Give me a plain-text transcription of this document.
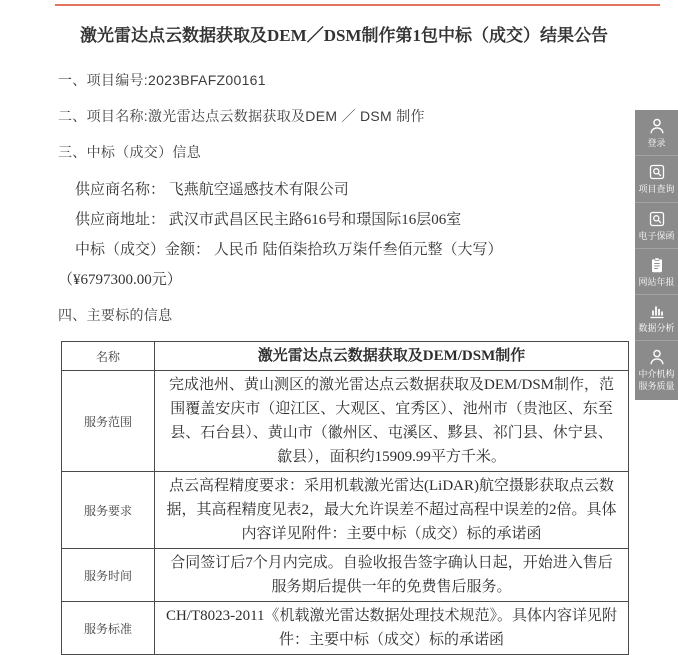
激光雷达点云数据获取及DEM／DSM制作第1包中标（成交）结果公告
一、项目编号:2023BFAFZ00161
二、项目名称:激光雷达点云数据获取及DEM ／ DSM 制作
三、中标（成交）信息
供应商名称： 飞燕航空遥感技术有限公司
供应商地址： 武汉市武昌区民主路616号和璟国际16层06室
中标（成交）金额： 人民币 陆佰柒拾玖万柒仟叁佰元整（大写）
（¥6797300.00元）
四、主要标的信息
名称	激光雷达点云数据获取及DEM/DSM制作
服务范围	完成池州、黄山测区的激光雷达点云数据获取及DEM/DSM制作，范围覆盖安庆市（迎江区、大观区、宜秀区）、池州市（贵池区、东至县、石台县）、黄山市（徽州区、屯溪区、黟县、祁门县、休宁县、歙县），面积约15909.99平方千米。
服务要求	点云高程精度要求：采用机载激光雷达(LiDAR)航空摄影获取点云数据，其高程精度见表2，最大允许误差不超过高程中误差的2倍。具体内容详见附件：主要中标（成交）标的承诺函
服务时间	合同签订后7个月内完成。自验收报告签字确认日起，开始进入售后服务期后提供一年的免费售后服务。
服务标准	CH/T8023-2011《机载激光雷达数据处理技术规范》。具体内容详见附件：主要中标（成交）标的承诺函
登录
项目查询
电子保函
网站年报
数据分析
中介机构服务质量
